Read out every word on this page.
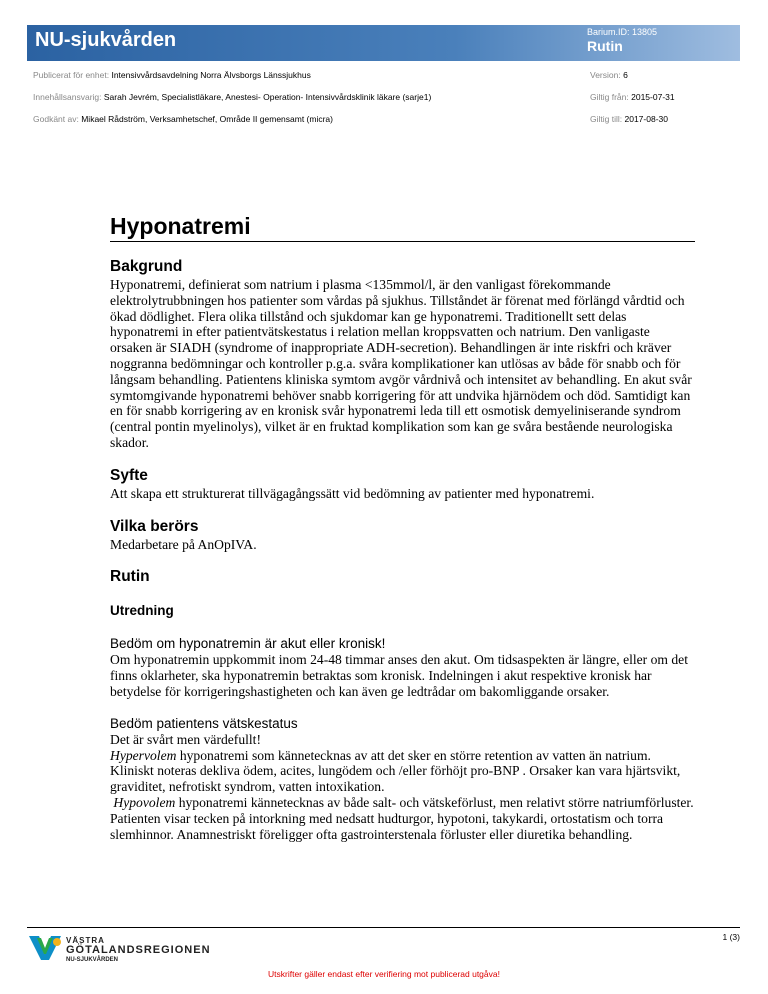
NU-sjukvården	Barium.ID: 13805
Rutin
Publicerat för enhet: Intensivvårdsavdelning Norra Älvsborgs Länssjukhus
Innehållsansvarig: Sarah Jevrém, Specialistläkare, Anestesi- Operation- Intensivvårdsklinik läkare (sarje1)
Godkänt av: Mikael Rådström, Verksamhetschef, Område II gemensamt (micra)
Version: 6
Giltig från: 2015-07-31
Giltig till: 2017-08-30
Hyponatremi
Bakgrund

Hyponatremi, definierat som natrium i plasma <135mmol/l, är den vanligast förekommande elektrolytrubbningen hos patienter som vårdas på sjukhus. Tillståndet är förenat med förlängd vårdtid och ökad dödlighet. Flera olika tillstånd och sjukdomar kan ge hyponatremi. Traditionellt sett delas hyponatremi in efter patientvätskestatus i relation mellan kroppsvatten och natrium. Den vanligaste orsaken är SIADH (syndrome of inappropriate ADH-secretion). Behandlingen är inte riskfri och kräver noggranna bedömningar och kontroller p.g.a. svåra komplikationer kan utlösas av både för snabb och för långsam behandling. Patientens kliniska symtom avgör vårdnivå och intensitet av behandling. En akut svår symtomgivande hyponatremi behöver snabb korrigering för att undvika hjärnödem och död. Samtidigt kan en för snabb korrigering av en kronisk svår hyponatremi leda till ett osmotisk demyeliniserande syndrom (central pontin myelinolys), vilket är en fruktad komplikation som kan ge svåra bestående neurologiska skador.

Syfte

Att skapa ett strukturerat tillvägagångssätt vid bedömning av patienter med hyponatremi.

Vilka berörs

Medarbetare på AnOpIVA.

Rutin
Utredning
Bedöm om hyponatremin är akut eller kronisk!

Om hyponatremin uppkommit inom 24-48 timmar anses den akut. Om tidsaspekten är längre, eller om det finns oklarheter, ska hyponatremin betraktas som kronisk. Indelningen i akut respektive kronisk har betydelse för korrigeringshastigheten och kan även ge ledtrådar om bakomliggande orsaker.

Bedöm patientens vätskestatus

Det är svårt men värdefullt!

Hypervolem hyponatremi som kännetecknas av att det sker en större retention av vatten än natrium. Kliniskt noteras dekliva ödem, acites, lungödem och /eller förhöjt pro-BNP . Orsaker kan vara hjärtsvikt, graviditet, nefrotiskt syndrom, vatten intoxikation.

Hypovolem hyponatremi kännetecknas av både salt- och vätskeförlust, men relativt större natriumförluster. Patienten visar tecken på intorkning med nedsatt hudturgor, hypotoni, takykardi, ortostatism och torra slemhinnor. Anamnestriskt föreligger ofta gastrointerstenala förluster eller diuretika behandling.

1 (3)
VÄSTRA
GÖTALANDSREGIONEN
NU-SJUKVÅRDEN
Utskrifter gäller endast efter verifiering mot publicerad utgåva!
